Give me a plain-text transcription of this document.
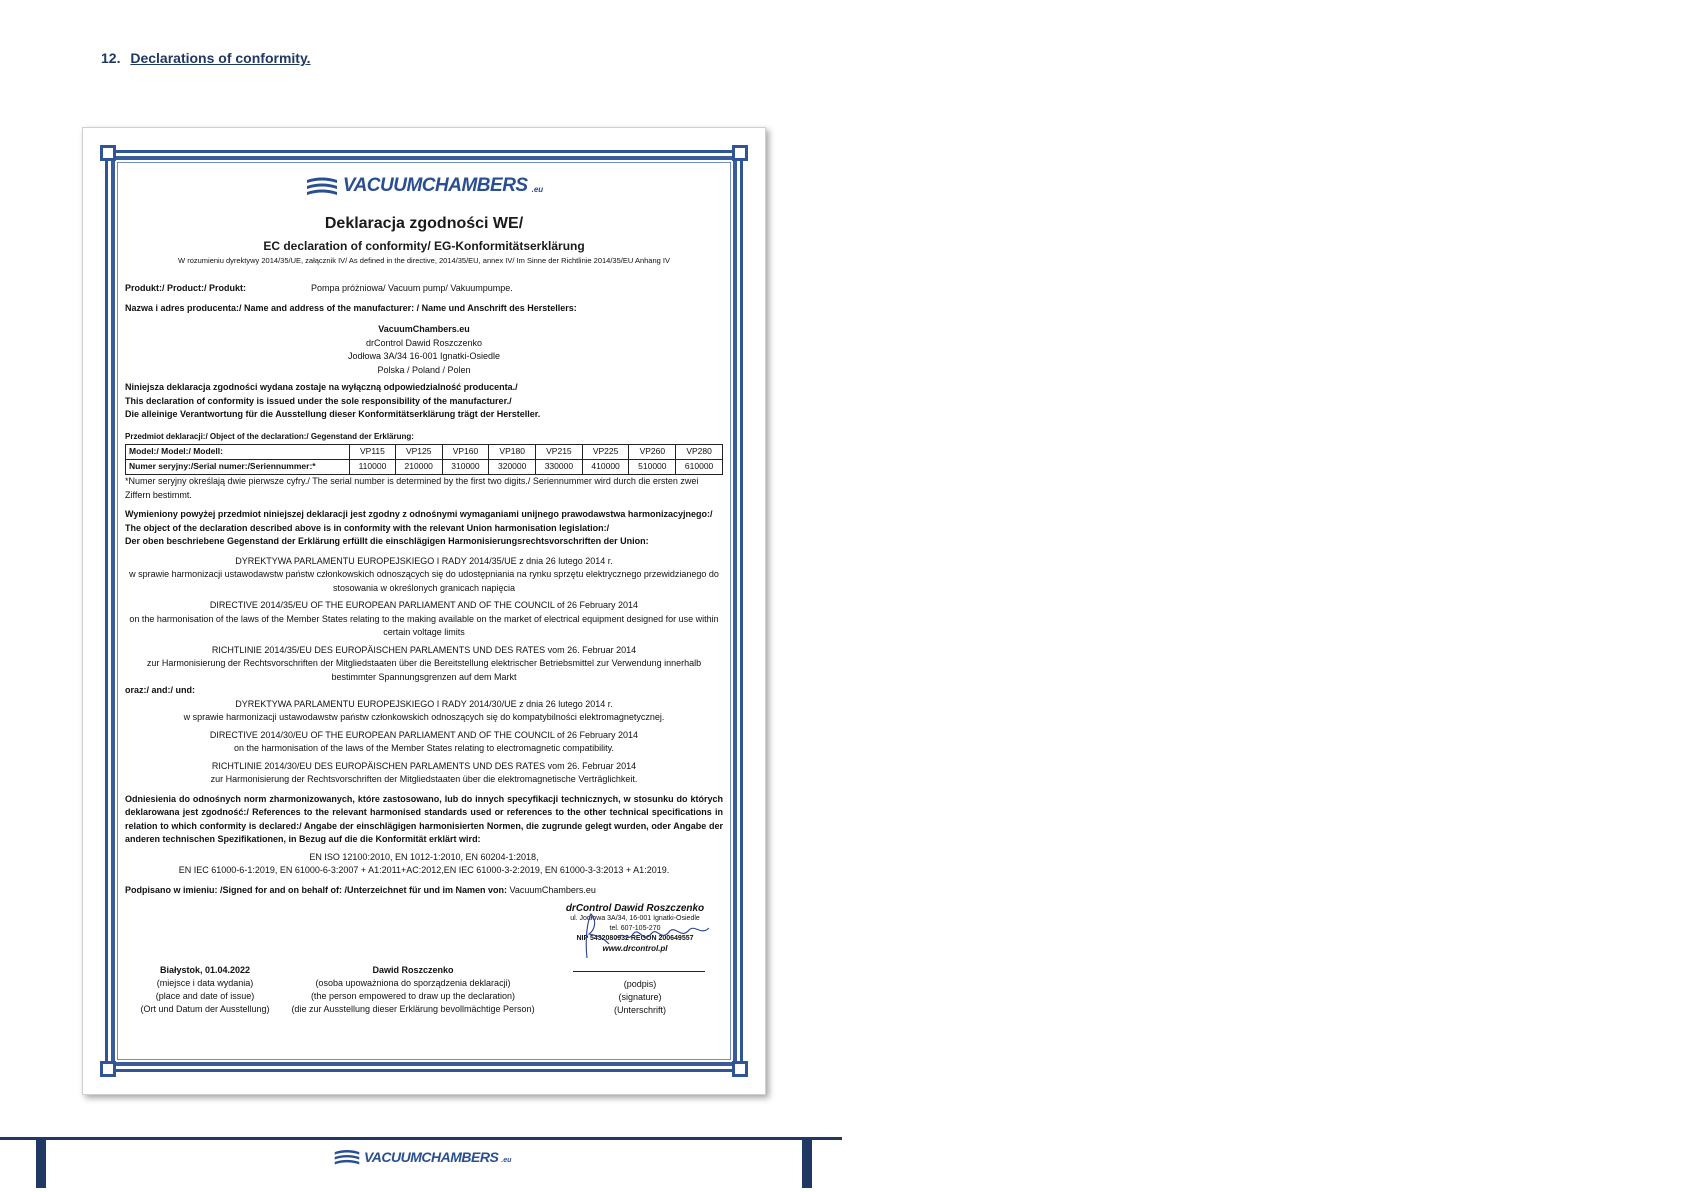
12. Declarations of conformity.
VACUUMCHAMBERS .eu
Deklaracja zgodności WE/
EC declaration of conformity/ EG-Konformitätserklärung
W rozumieniu dyrektywy 2014/35/UE, załącznik IV/ As defined in the directive, 2014/35/EU, annex IV/ Im Sinne der Richtlinie 2014/35/EU Anhang IV
Produkt:/ Product:/ Produkt:	Pompa próżniowa/ Vacuum pump/ Vakuumpumpe.
Nazwa i adres producenta:/ Name and address of the manufacturer: / Name und Anschrift des Herstellers:
VacuumChambers.eu
drControl Dawid Roszczenko
Jodłowa 3A/34 16-001 Ignatki-Osiedle
Polska / Poland / Polen
Niniejsza deklaracja zgodności wydana zostaje na wyłączną odpowiedzialność producenta./
This declaration of conformity is issued under the sole responsibility of the manufacturer./
Die alleinige Verantwortung für die Ausstellung dieser Konformitätserklärung trägt der Hersteller.
Przedmiot deklaracji:/ Object of the declaration:/ Gegenstand der Erklärung:
Model:/ Model:/ Modell:	VP115	VP125	VP160	VP180	VP215	VP225	VP260	VP280
Numer seryjny:/Serial numer:/Seriennummer:*	110000	210000	310000	320000	330000	410000	510000	610000
*Numer seryjny określają dwie pierwsze cyfry./ The serial number is determined by the first two digits./ Seriennummer wird durch die ersten zwei Ziffern bestimmt.
Wymieniony powyżej przedmiot niniejszej deklaracji jest zgodny z odnośnymi wymaganiami unijnego prawodawstwa harmonizacyjnego:/
The object of the declaration described above is in conformity with the relevant Union harmonisation legislation:/
Der oben beschriebene Gegenstand der Erklärung erfüllt die einschlägigen Harmonisierungsrechtsvorschriften der Union:
DYREKTYWA PARLAMENTU EUROPEJSKIEGO I RADY 2014/35/UE z dnia 26 lutego 2014 r.
w sprawie harmonizacji ustawodawstw państw członkowskich odnoszących się do udostępniania na rynku sprzętu elektrycznego przewidzianego do stosowania w określonych granicach napięcia
DIRECTIVE 2014/35/EU OF THE EUROPEAN PARLIAMENT AND OF THE COUNCIL of 26 February 2014
on the harmonisation of the laws of the Member States relating to the making available on the market of electrical equipment designed for use within certain voltage limits
RICHTLINIE 2014/35/EU DES EUROPÄISCHEN PARLAMENTS UND DES RATES vom 26. Februar 2014
zur Harmonisierung der Rechtsvorschriften der Mitgliedstaaten über die Bereitstellung elektrischer Betriebsmittel zur Verwendung innerhalb bestimmter Spannungsgrenzen auf dem Markt
oraz:/ and:/ und:
DYREKTYWA PARLAMENTU EUROPEJSKIEGO I RADY 2014/30/UE z dnia 26 lutego 2014 r.
w sprawie harmonizacji ustawodawstw państw członkowskich odnoszących się do kompatybilności elektromagnetycznej.
DIRECTIVE 2014/30/EU OF THE EUROPEAN PARLIAMENT AND OF THE COUNCIL of 26 February 2014
on the harmonisation of the laws of the Member States relating to electromagnetic compatibility.
RICHTLINIE 2014/30/EU DES EUROPÄISCHEN PARLAMENTS UND DES RATES vom 26. Februar 2014
zur Harmonisierung der Rechtsvorschriften der Mitgliedstaaten über die elektromagnetische Verträglichkeit.
Odniesienia do odnośnych norm zharmonizowanych, które zastosowano, lub do innych specyfikacji technicznych, w stosunku do których deklarowana jest zgodność:/ References to the relevant harmonised standards used or references to the other technical specifications in relation to which conformity is declared:/ Angabe der einschlägigen harmonisierten Normen, die zugrunde gelegt wurden, oder Angabe der anderen technischen Spezifikationen, in Bezug auf die die Konformität erklärt wird:
EN ISO 12100:2010, EN 1012-1:2010, EN 60204-1:2018,
EN IEC 61000-6-1:2019, EN 61000-6-3:2007 + A1:2011+AC:2012,EN IEC 61000-3-2:2019, EN 61000-3-3:2013 + A1:2019.
Podpisano w imieniu: /Signed for and on behalf of: /Unterzeichnet für und im Namen von: VacuumChambers.eu
drControl Dawid Roszczenko
ul. Jodłowa 3A/34, 16-001 Ignatki-Osiedle
tel. 607-105-270
NIP 5432080932 REGON 200649557
www.drcontrol.pl
Białystok, 01.04.2022
(miejsce i data wydania)
(place and date of issue)
(Ort und Datum der Ausstellung)
Dawid Roszczenko
(osoba upoważniona do sporządzenia deklaracji)
(the person empowered to draw up the declaration)
(die zur Ausstellung dieser Erklärung bevollmächtige Person)
(podpis)
(signature)
(Unterschrift)
VACUUMCHAMBERS .eu
